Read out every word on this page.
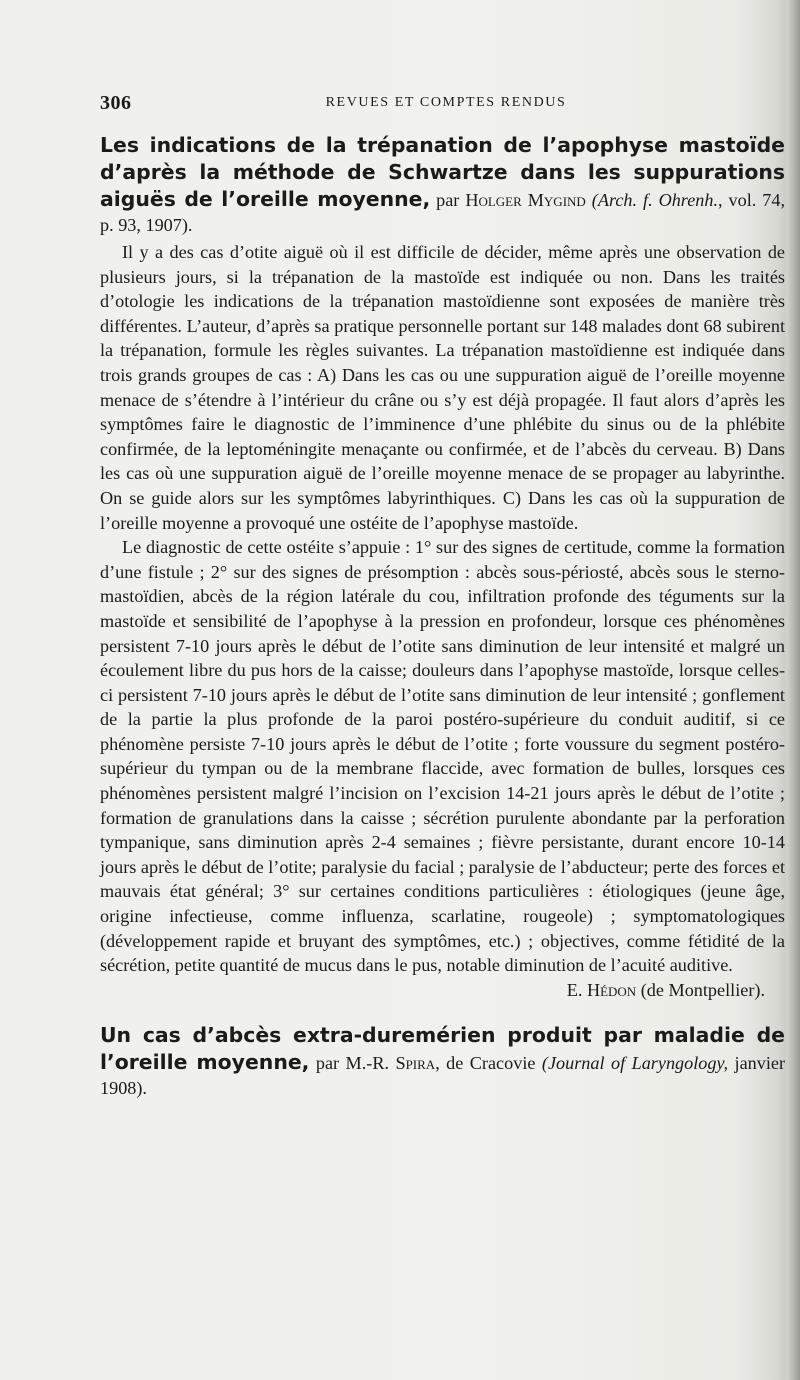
306	REVUES ET COMPTES RENDUS
Les indications de la trépanation de l’apophyse mastoïde d’après la méthode de Schwartze dans les suppurations aiguës de l’oreille moyenne, par Holger Mygind (Arch. f. Ohrenh., vol. 74, p. 93, 1907).

Il y a des cas d’otite aiguë où il est difficile de décider, même après une observation de plusieurs jours, si la trépanation de la mastoïde est indiquée ou non. Dans les traités d’otologie les indications de la trépanation mastoïdienne sont exposées de manière très différentes. L’auteur, d’après sa pratique personnelle portant sur 148 malades dont 68 subirent la trépanation, formule les règles suivantes. La trépanation mastoïdienne est indiquée dans trois grands groupes de cas : A) Dans les cas ou une suppuration aiguë de l’oreille moyenne menace de s’étendre à l’intérieur du crâne ou s’y est déjà propagée. Il faut alors d’après les symptômes faire le diagnostic de l’imminence d’une phlébite du sinus ou de la phlébite confirmée, de la leptoméningite menaçante ou confirmée, et de l’abcès du cerveau. B) Dans les cas où une suppuration aiguë de l’oreille moyenne menace de se propager au labyrinthe. On se guide alors sur les symptômes labyrinthiques. C) Dans les cas où la suppuration de l’oreille moyenne a provoqué une ostéite de l’apophyse mastoïde.

Le diagnostic de cette ostéite s’appuie : 1° sur des signes de certitude, comme la formation d’une fistule ; 2° sur des signes de présomption : abcès sous-périosté, abcès sous le sterno-mastoïdien, abcès de la région latérale du cou, infiltration profonde des téguments sur la mastoïde et sensibilité de l’apophyse à la pression en profondeur, lorsque ces phénomènes persistent 7-10 jours après le début de l’otite sans diminution de leur intensité et malgré un écoulement libre du pus hors de la caisse; douleurs dans l’apophyse mastoïde, lorsque celles-ci persistent 7-10 jours après le début de l’otite sans diminution de leur intensité ; gonflement de la partie la plus profonde de la paroi postéro-supérieure du conduit auditif, si ce phénomène persiste 7-10 jours après le début de l’otite ; forte voussure du segment postéro-supérieur du tympan ou de la membrane flaccide, avec formation de bulles, lorsques ces phénomènes persistent malgré l’incision on l’excision 14-21 jours après le début de l’otite ; formation de granulations dans la caisse ; sécrétion purulente abondante par la perforation tympanique, sans diminution après 2-4 semaines ; fièvre persistante, durant encore 10-14 jours après le début de l’otite; paralysie du facial ; paralysie de l’abducteur; perte des forces et mauvais état général; 3° sur certaines conditions particulières : étiologiques (jeune âge, origine infectieuse, comme influenza, scarlatine, rougeole) ; symptomatologiques (développement rapide et bruyant des symptômes, etc.) ; objectives, comme fétidité de la sécrétion, petite quantité de mucus dans le pus, notable diminution de l’acuité auditive.

E. Hédon (de Montpellier).

Un cas d’abcès extra-duremérien produit par maladie de l’oreille moyenne, par M.-R. Spira, de Cracovie (Journal of Laryngology, janvier 1908).
